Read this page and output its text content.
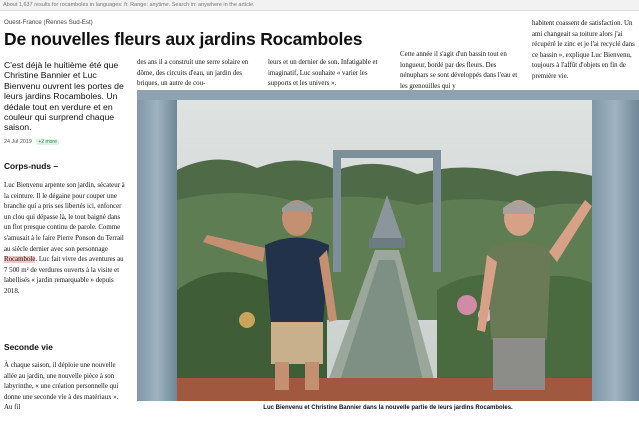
About 1,637 results for rocamboles in languages: fr. Range: anytime. Search in: anywhere in the article.
Ouest-France (Rennes Sud-Est)
De nouvelles fleurs aux jardins Rocamboles
C'est déjà le huitième été que Christine Bannier et Luc Bienvenu ouvrent les portes de leurs jardins Rocamboles. Un dédale tout en verdure et en couleur qui surprend chaque saison.
24 Jul 2019 +2 more
Corps-nuds –
Luc Bienvenu arpente son jardin, sécateur à la ceinture. Il le dégaine pour couper une branche qui a pris ses libertés ici, enfoncer un clou qui dépasse là, le tout baigné dans un flot presque continu de parole. Comme s'amusait à le faire Pierre Ponson du Terrail au siècle dernier avec son personnage Rocambole. Luc fait vivre des aventures au 7 500 m² de verdures ouverts à la visite et labellisés « jardin remarquable » depuis 2018.
Seconde vie
À chaque saison, il déploie une nouvelle allée au jardin, une nouvelle pièce à son labyrinthe, « une création personnelle qui donne une seconde vie à des matériaux ». Au fil
des ans il a construit une serre solaire en dôme, des circuits d'eau, un jardin des briques, un autre de cou-
leurs et un dernier de son. Infatigable et imaginatif, Luc souhaite « varier les supports et les univers ».
Cette année il s'agit d'un bassin tout en longueur, bordé par des fleurs. Des nénuphars se sont développés dans l'eau et les grenouilles qui y
habitent coassent de satisfaction. Un ami changeait sa toiture alors j'ai récupéré le zinc et je l'ai recyclé dans ce bassin », explique Luc Bienvenu, toujours à l'affût d'objets en fin de première vie.
Luc Bienvenu et Christine Bannier dans la nouvelle partie de leurs jardins Rocamboles.
